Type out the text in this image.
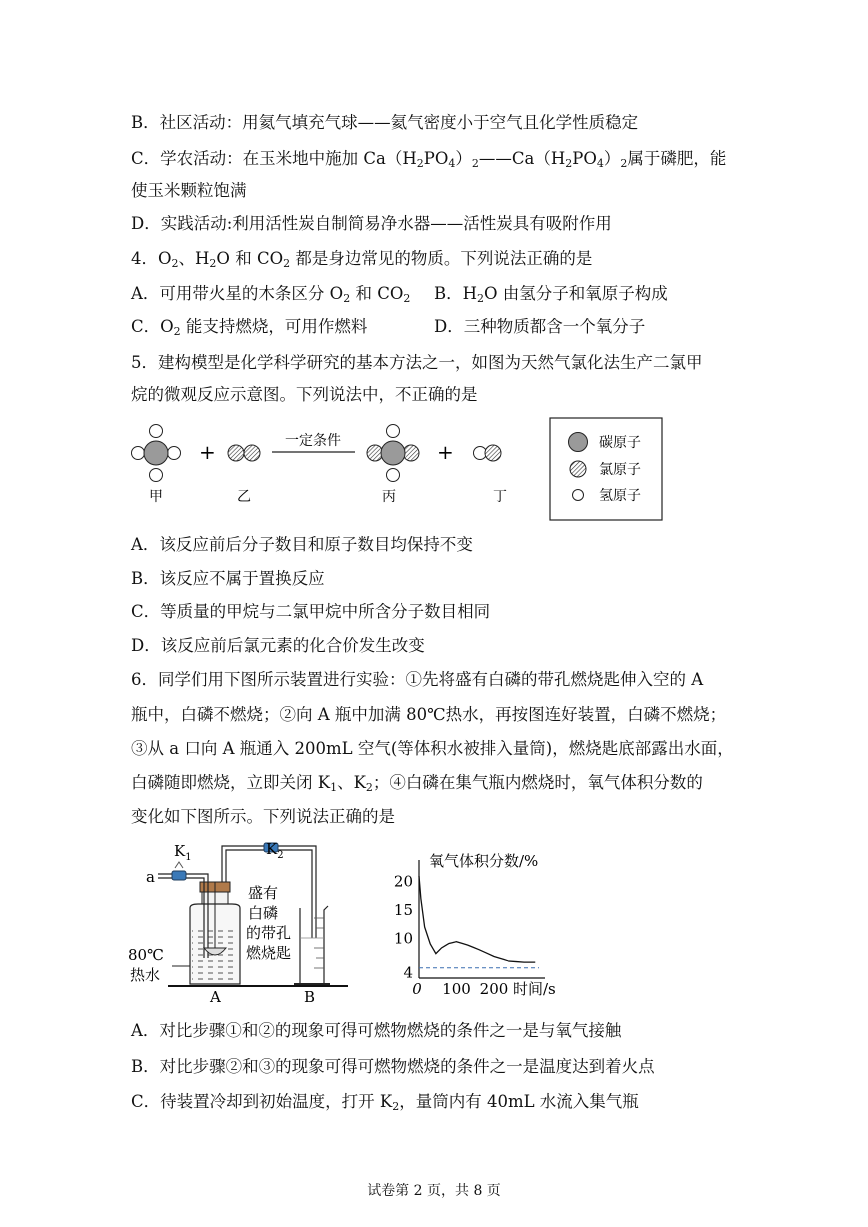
B．社区活动：用氦气填充气球——氦气密度小于空气且化学性质稳定
C．学农活动：在玉米地中施加 $Ca(H_2PO_4)_2——Ca(H_2PO_4)_2$属于磷肥，能
使玉米颗粒饱满
D．实践活动:利用活性炭自制简易净水器——活性炭具有吸附作用
4．$O_2$、$H_2O$ 和 $CO_2$ 都是身边常见的物质。下列说法正确的是
A．可用带火星的木条区分 $O_2$ 和 $CO_2$ B．$H_2O$ 由氢分子和氧原子构成
C．$O_2$ 能支持燃烧，可用作燃料	D．三种物质都含一个氧分子
5．建构模型是化学科学研究的基本方法之一，如图为天然气氯化法生产二氯甲
烷的微观反应示意图。下列说法中，不正确的是
+	一定条件	+
甲	乙	丙	丁
碳原子
氯原子
氢原子
A．该反应前后分子数目和原子数目均保持不变
B．该反应不属于置换反应
C．等质量的甲烷与二氯甲烷中所含分子数目相同
D．该反应前后氯元素的化合价发生改变
6．同学们用下图所示装置进行实验：①先将盛有白磷的带孔燃烧匙伸入空的 A
瓶中，白磷不燃烧；②向 A 瓶中加满 80℃热水，再按图连好装置，白磷不燃烧；
③从 a 口向 A 瓶通入 200mL 空气(等体积水被排入量筒)，燃烧匙底部露出水面，
白磷随即燃烧，立即关闭 $K_1$、$K_2$；④白磷在集气瓶内燃烧时，氧气体积分数的
变化如下图所示。下列说法正确的是
$K_1$	$K_2$
a
盛有
白磷
的带孔
燃烧匙
80℃
热水
A	B
4
10
15
20
0 100 200
氧气体积分数/%
时间/s
A．对比步骤①和②的现象可得可燃物燃烧的条件之一是与氧气接触
B．对比步骤②和③的现象可得可燃物燃烧的条件之一是温度达到着火点
C．待装置冷却到初始温度，打开 $K_2$，量筒内有 40mL 水流入集气瓶
试卷第 2 页，共 8 页
